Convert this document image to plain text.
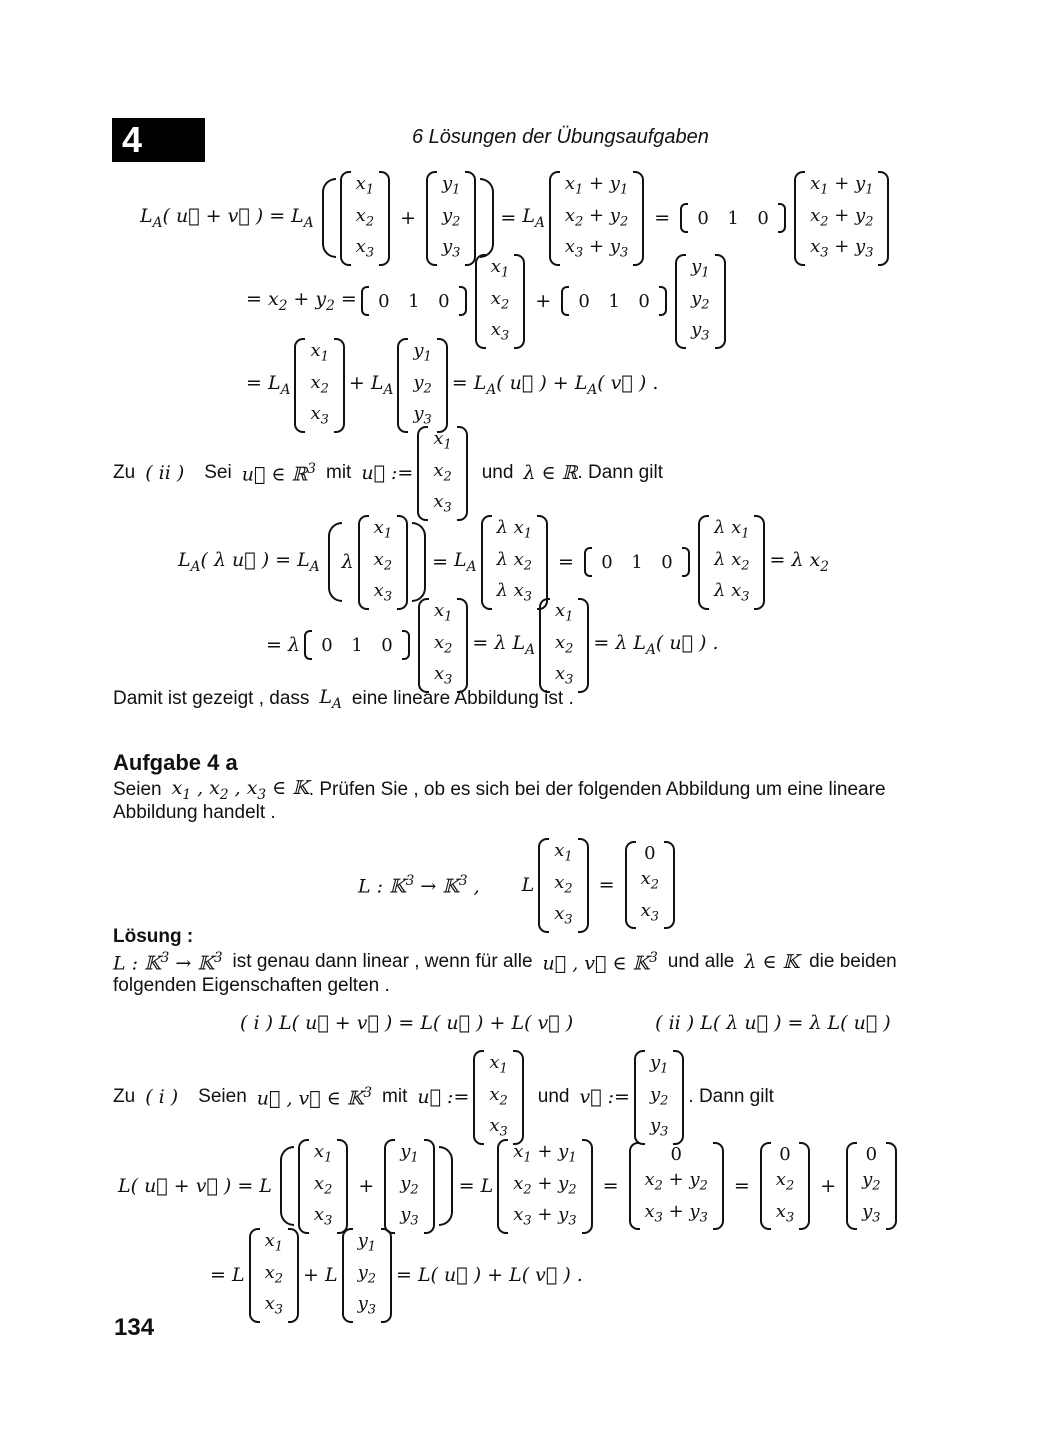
4	6 Lösungen der Übungsaufgaben
$L_A$( u⃗ + v⃗ ) = $L_A$
$x_1$
$x_2$
$x_3$
+
$y_1$
$y_2$
$y_3$
= $L_A$
$x_1 + y_1$
$x_2 + y_2$
$x_3 + y_3$
=	0	1	0
$x_1 + y_1$
$x_2 + y_2$
$x_3 + y_3$
= $x_2 + y_2$ =	0	1	0
$x_1$
$x_2$
$x_3$
+	0	1	0
$y_1$
$y_2$
$y_3$
= $L_A$
$x_1$
$x_2$
$x_3$
+ $L_A$
$y_1$
$y_2$
$y_3$
= $L_A$( u⃗ ) + $L_A$( v⃗ ) .
Zu ( ii ) Sei u⃗ ∈ ℝ$^3$ mit u⃗ :=
$x_1$
$x_2$
$x_3$
und λ ∈ ℝ . Dann gilt
$L_A$( λ u⃗ ) = $L_A$ λ
$x_1$
$x_2$
$x_3$
= $L_A$
λ $x_1$
λ $x_2$
λ $x_3$
=	0	1	0
λ $x_1$
λ $x_2$
λ $x_3$
= λ $x_2$
= λ	0	1	0
$x_1$
$x_2$
$x_3$
= λ $L_A$
$x_1$
$x_2$
$x_3$
= λ $L_A$( u⃗ ) .
Damit ist gezeigt , dass $L_A$ eine lineare Abbildung ist .
Aufgabe 4 a
Seien $x_1$ , $x_2$ , $x_3$ ∈ 𝕂 . Prüfen Sie , ob es sich bei der folgenden Abbildung um eine lineare
Abbildung handelt .
L : 𝕂$^3$ → 𝕂$^3$ , L
$x_1$
$x_2$
$x_3$
=
0
$x_2$
$x_3$
Lösung :
L : 𝕂$^3$ → 𝕂$^3$ ist genau dann linear , wenn für alle u⃗ , v⃗ ∈ 𝕂$^3$ und alle λ ∈ 𝕂 die beiden
folgenden Eigenschaften gelten .
( i ) L( u⃗ + v⃗ ) = L( u⃗ ) + L( v⃗ )	( ii ) L( λ u⃗ ) = λ L( u⃗ )
Zu ( i ) Seien u⃗ , v⃗ ∈ 𝕂$^3$ mit u⃗ :=
$x_1$
$x_2$
$x_3$
und v⃗ :=
$y_1$
$y_2$
$y_3$
. Dann gilt
L( u⃗ + v⃗ ) = L
$x_1$
$x_2$
$x_3$
+
$y_1$
$y_2$
$y_3$
= L
$x_1 + y_1$
$x_2 + y_2$
$x_3 + y_3$
=
0
$x_2 + y_2$
$x_3 + y_3$
=
0
$x_2$
$x_3$
+
0
$y_2$
$y_3$
= L
$x_1$
$x_2$
$x_3$
+ L
$y_1$
$y_2$
$y_3$
= L( u⃗ ) + L( v⃗ ) .
134
